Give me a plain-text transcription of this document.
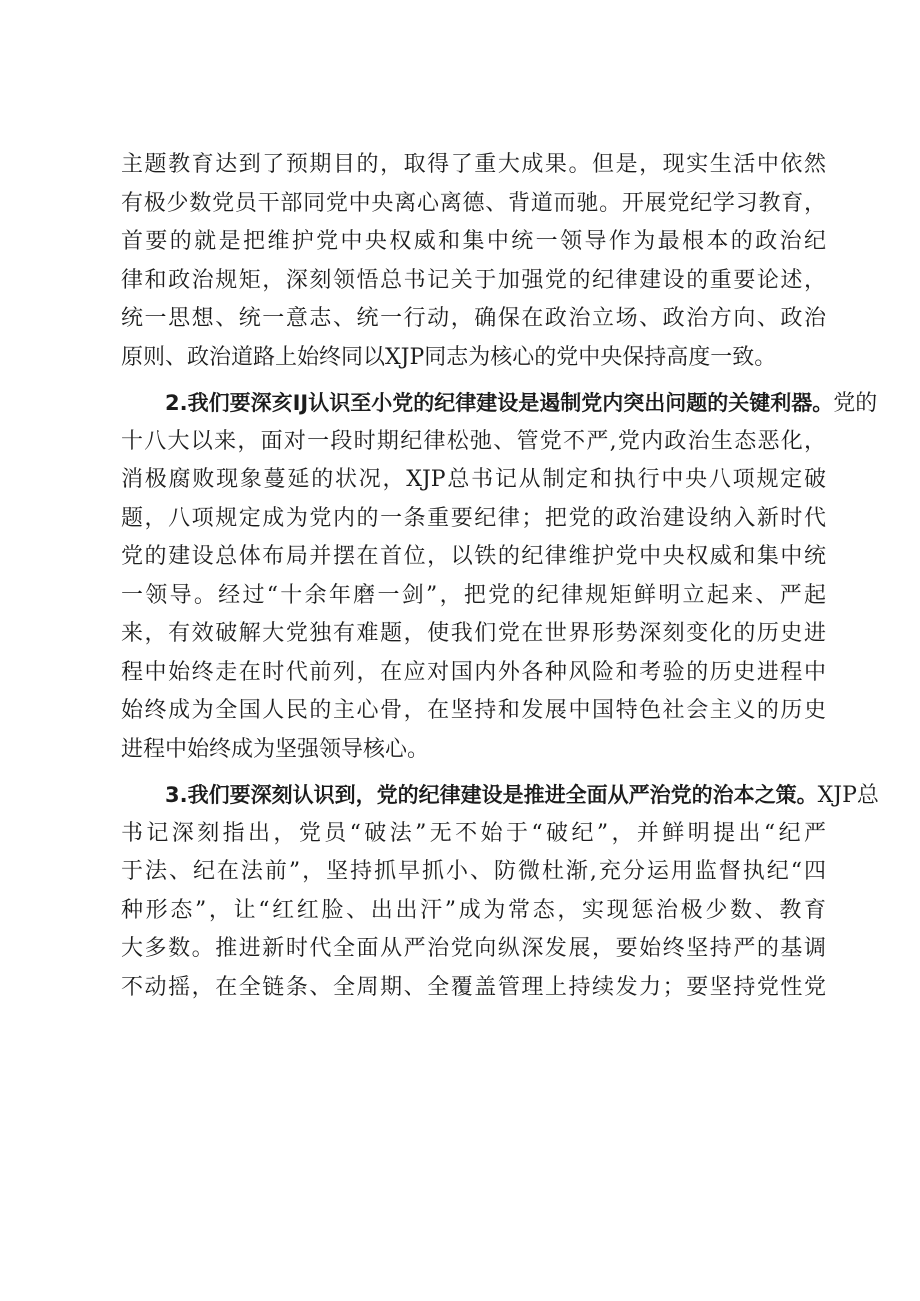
主题教育达到了预期目的，取得了重大成果。但是，现实生活中依然
有极少数党员干部同党中央离心离德、背道而驰。开展党纪学习教育，
首要的就是把维护党中央权威和集中统一领导作为最根本的政治纪
律和政治规矩，深刻领悟总书记关于加强党的纪律建设的重要论述，
统一思想、统一意志、统一行动，确保在政治立场、政治方向、政治
原则、政治道路上始终同以XJP同志为核心的党中央保持高度一致。
2.我们要深亥IJ认识至小党的纪律建设是遏制党内突出问题的关键利器。党的
十八大以来，面对一段时期纪律松弛、管党不严,党内政治生态恶化，
消极腐败现象蔓延的状况，XJP总书记从制定和执行中央八项规定破
题，八项规定成为党内的一条重要纪律；把党的政治建设纳入新时代
党的建设总体布局并摆在首位，以铁的纪律维护党中央权威和集中统
一领导。经过“十余年磨一剑”，把党的纪律规矩鲜明立起来、严起
来，有效破解大党独有难题，使我们党在世界形势深刻变化的历史进
程中始终走在时代前列，在应对国内外各种风险和考验的历史进程中
始终成为全国人民的主心骨，在坚持和发展中国特色社会主义的历史
进程中始终成为坚强领导核心。
3.我们要深刻认识到，党的纪律建设是推进全面从严治党的治本之策。XJP总
书记深刻指出，党员“破法”无不始于“破纪”，并鲜明提出“纪严
于法、纪在法前”，坚持抓早抓小、防微杜渐,充分运用监督执纪“四
种形态”，让“红红脸、出出汗”成为常态，实现惩治极少数、教育
大多数。推进新时代全面从严治党向纵深发展，要始终坚持严的基调
不动摇，在全链条、全周期、全覆盖管理上持续发力；要坚持党性党
